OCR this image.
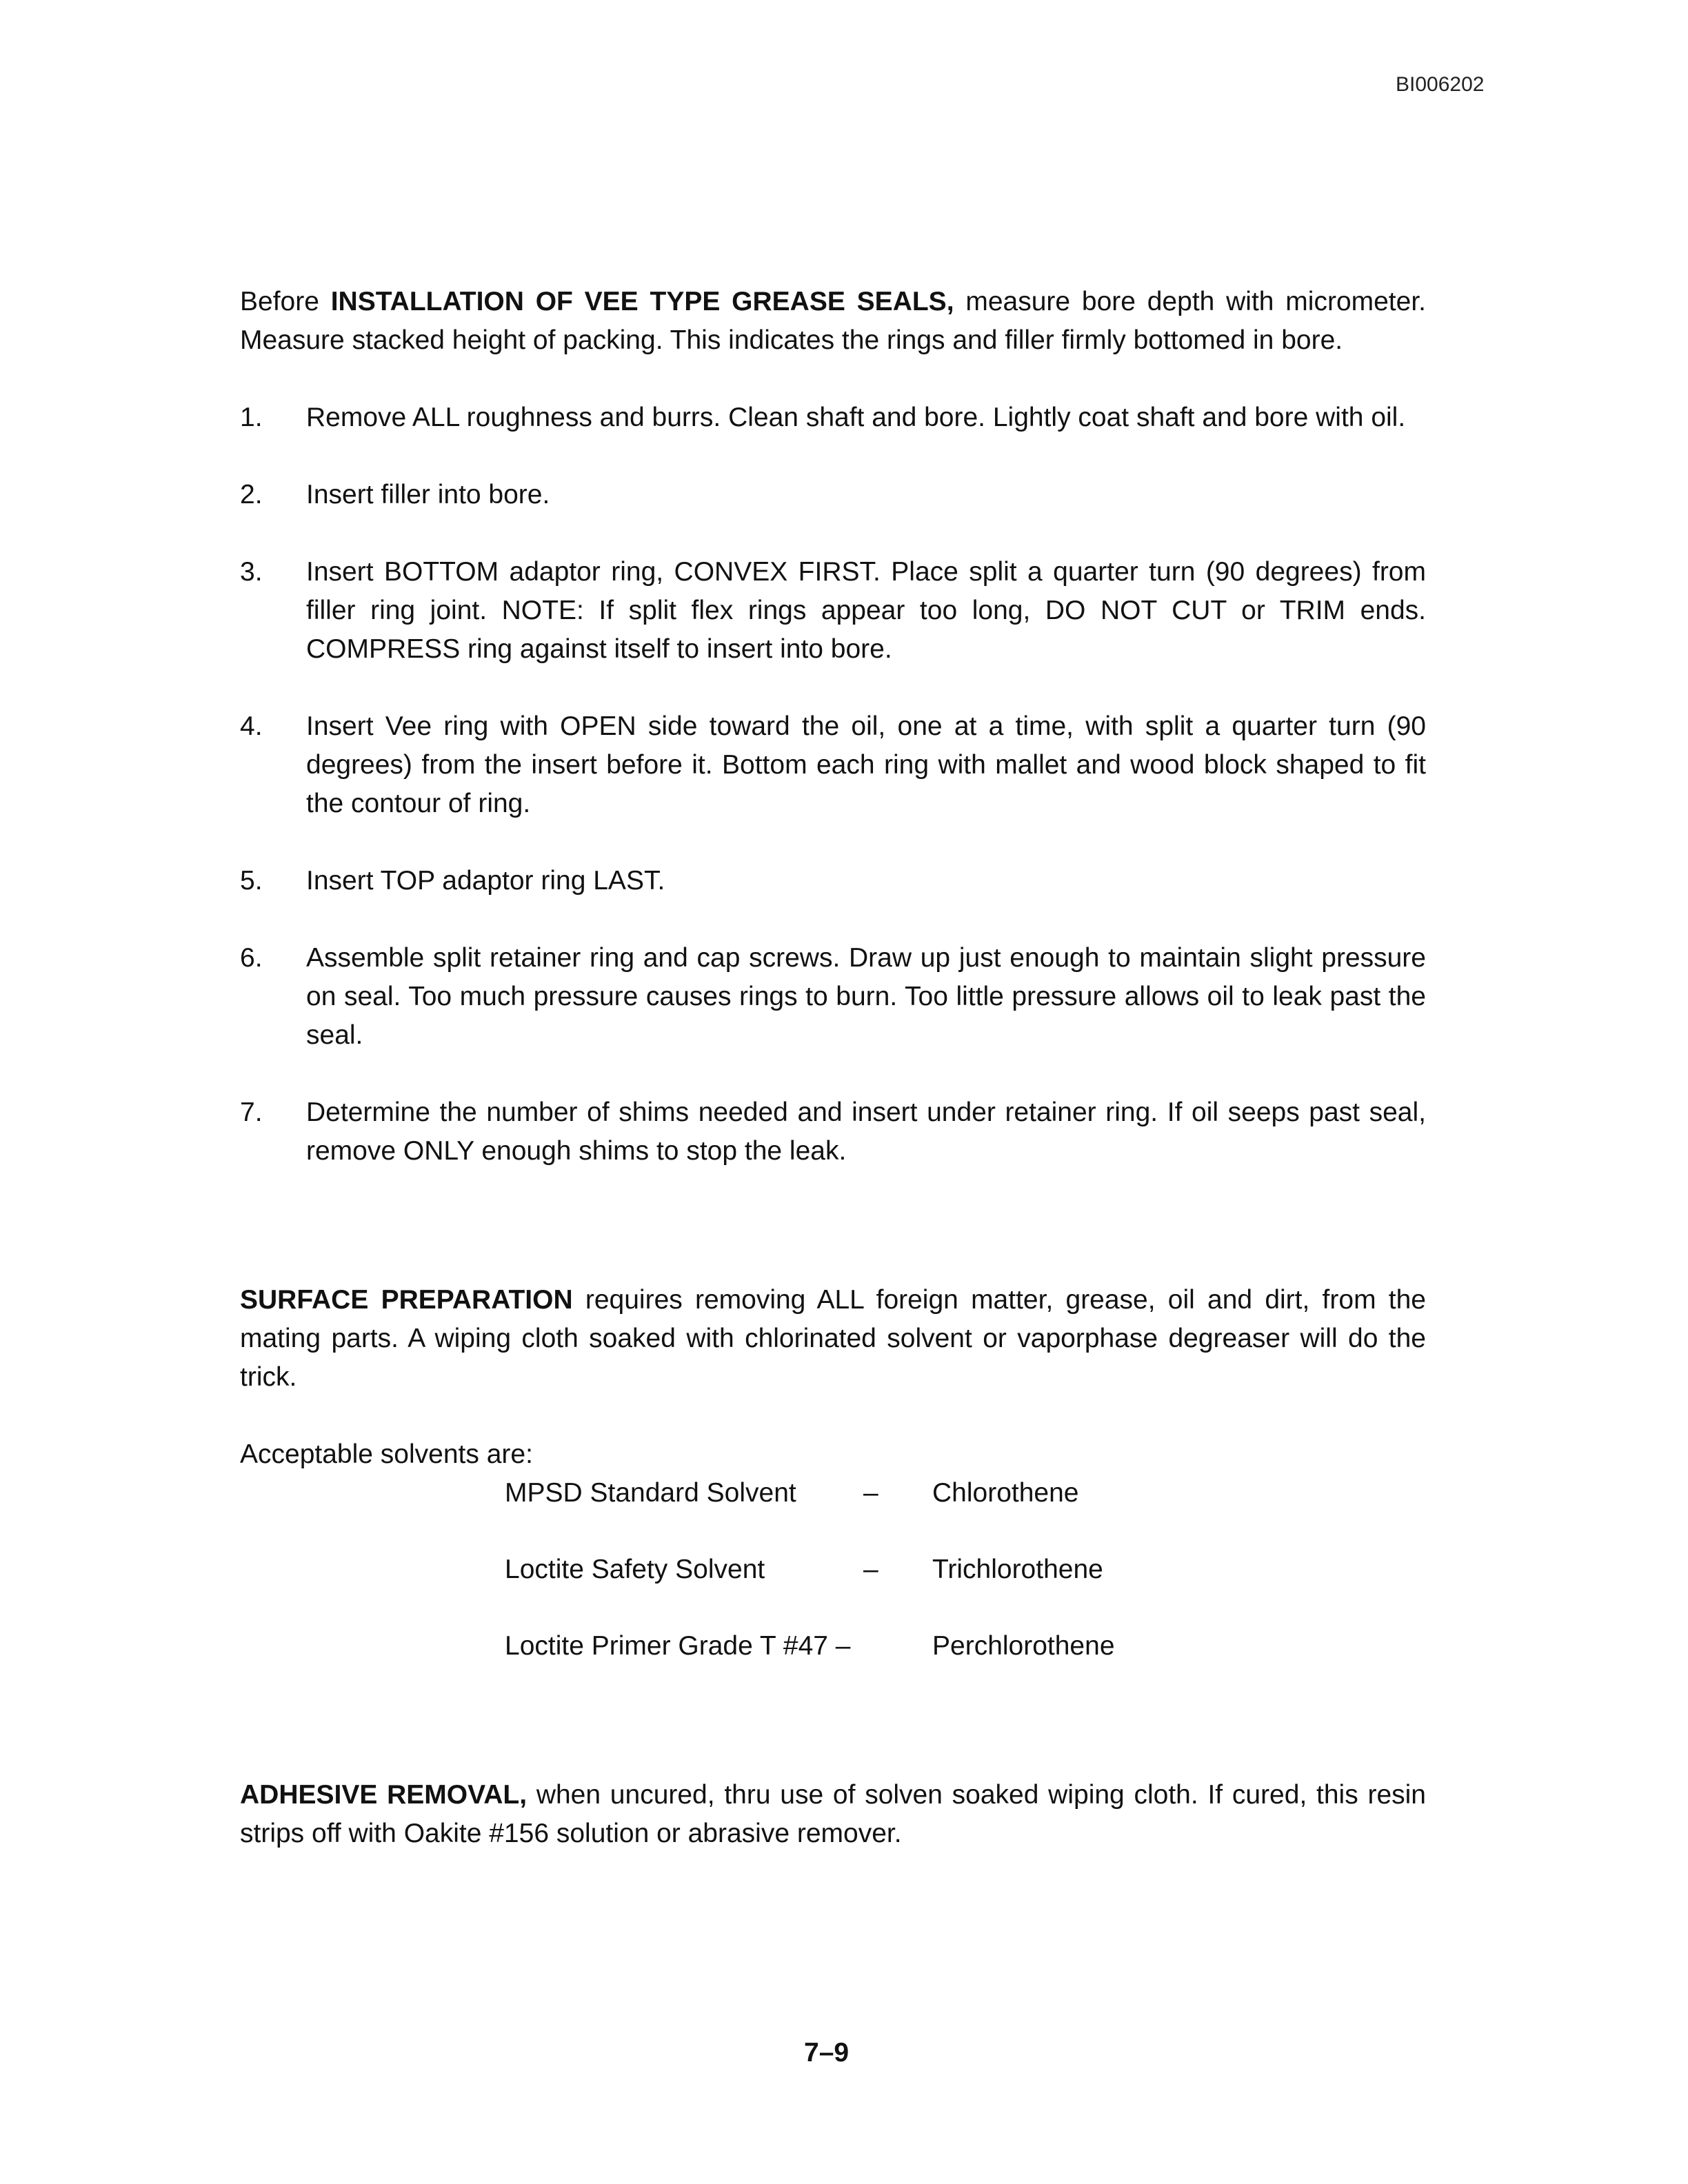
BI006202

Before INSTALLATION OF VEE TYPE GREASE SEALS, measure bore depth with micrometer. Measure stacked height of packing. This indicates the rings and filler firmly bottomed in bore.

1.	Remove ALL roughness and burrs. Clean shaft and bore. Lightly coat shaft and bore with oil.
2.	Insert filler into bore.
3.	Insert BOTTOM adaptor ring, CONVEX FIRST. Place split a quarter turn (90 degrees) from filler ring joint. NOTE: If split flex rings appear too long, DO NOT CUT or TRIM ends. COMPRESS ring against itself to insert into bore.
4.	Insert Vee ring with OPEN side toward the oil, one at a time, with split a quarter turn (90 degrees) from the insert before it. Bottom each ring with mallet and wood block shaped to fit the contour of ring.
5.	Insert TOP adaptor ring LAST.
6.	Assemble split retainer ring and cap screws. Draw up just enough to maintain slight pressure on seal. Too much pressure causes rings to burn. Too little pressure allows oil to leak past the seal.
7.	Determine the number of shims needed and insert under retainer ring. If oil seeps past seal, remove ONLY enough shims to stop the leak.

SURFACE PREPARATION requires removing ALL foreign matter, grease, oil and dirt, from the mating parts. A wiping cloth soaked with chlorinated solvent or vaporphase degreaser will do the trick.

Acceptable solvents are:

MPSD Standard Solvent	–	Chlorothene
Loctite Safety Solvent	–	Trichlorothene
Loctite Primer Grade T #47 –	Perchlorothene

ADHESIVE REMOVAL, when uncured, thru use of solven soaked wiping cloth. If cured, this resin strips off with Oakite #156 solution or abrasive remover.

7–9
